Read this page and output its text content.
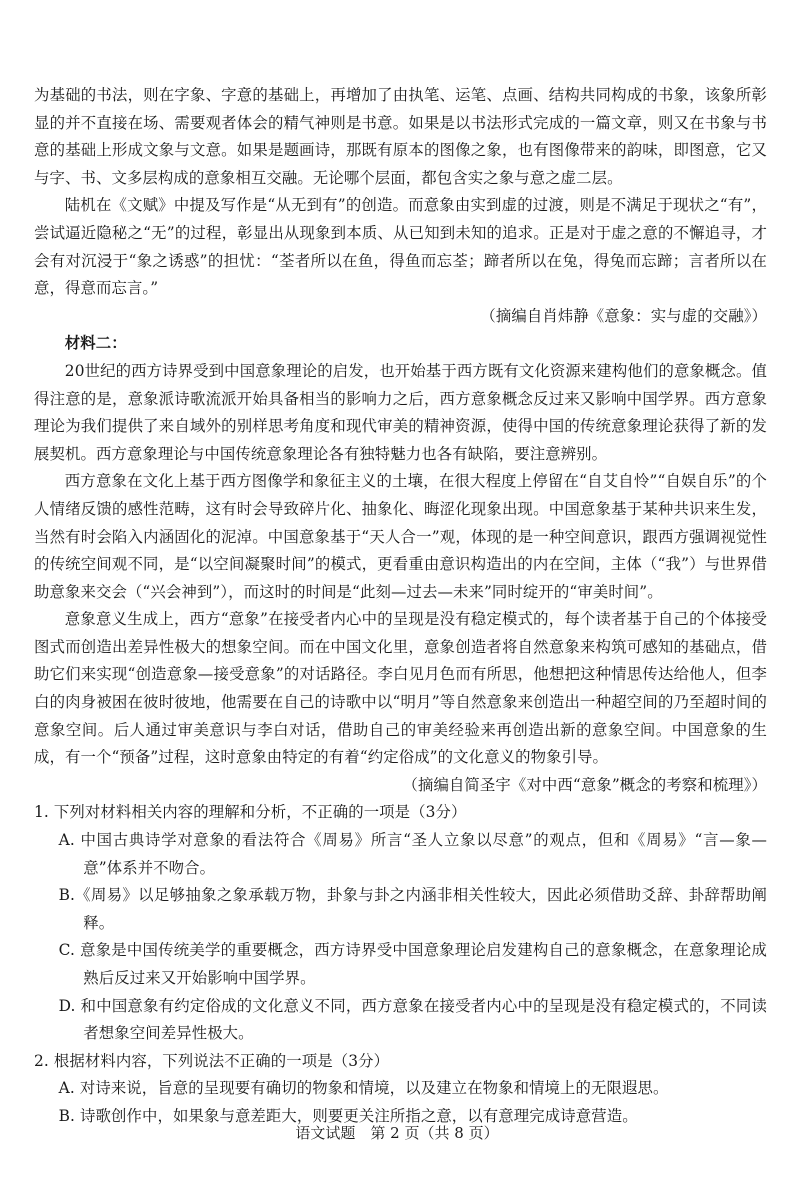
为基础的书法，则在字象、字意的基础上，再增加了由执笔、运笔、点画、结构共同构成的书象，该象所彰显的并不直接在场、需要观者体会的精气神则是书意。如果是以书法形式完成的一篇文章，则又在书象与书意的基础上形成文象与文意。如果是题画诗，那既有原本的图像之象，也有图像带来的韵味，即图意，它又与字、书、文多层构成的意象相互交融。无论哪个层面，都包含实之象与意之虚二层。

陆机在《文赋》中提及写作是“从无到有”的创造。而意象由实到虚的过渡，则是不满足于现状之“有”，尝试逼近隐秘之“无”的过程，彰显出从现象到本质、从已知到未知的追求。正是对于虚之意的不懈追寻，才会有对沉浸于“象之诱惑”的担忧：“荃者所以在鱼，得鱼而忘荃；蹄者所以在兔，得兔而忘蹄；言者所以在意，得意而忘言。”

（摘编自肖炜静《意象：实与虚的交融》）

材料二：

20世纪的西方诗界受到中国意象理论的启发，也开始基于西方既有文化资源来建构他们的意象概念。值得注意的是，意象派诗歌流派开始具备相当的影响力之后，西方意象概念反过来又影响中国学界。西方意象理论为我们提供了来自域外的别样思考角度和现代审美的精神资源，使得中国的传统意象理论获得了新的发展契机。西方意象理论与中国传统意象理论各有独特魅力也各有缺陷，要注意辨别。

西方意象在文化上基于西方图像学和象征主义的土壤，在很大程度上停留在“自艾自怜”“自娱自乐”的个人情绪反馈的感性范畴，这有时会导致碎片化、抽象化、晦涩化现象出现。中国意象基于某种共识来生发，当然有时会陷入内涵固化的泥淖。中国意象基于“天人合一”观，体现的是一种空间意识，跟西方强调视觉性的传统空间观不同，是“以空间凝聚时间”的模式，更看重由意识构造出的内在空间，主体（“我”）与世界借助意象来交会（“兴会神到”），而这时的时间是“此刻—过去—未来”同时绽开的“审美时间”。

意象意义生成上，西方“意象”在接受者内心中的呈现是没有稳定模式的，每个读者基于自己的个体接受图式而创造出差异性极大的想象空间。而在中国文化里，意象创造者将自然意象来构筑可感知的基础点，借助它们来实现“创造意象—接受意象”的对话路径。李白见月色而有所思，他想把这种情思传达给他人，但李白的肉身被困在彼时彼地，他需要在自己的诗歌中以“明月”等自然意象来创造出一种超空间的乃至超时间的意象空间。后人通过审美意识与李白对话，借助自己的审美经验来再创造出新的意象空间。中国意象的生成，有一个“预备”过程，这时意象由特定的有着“约定俗成”的文化意义的物象引导。

（摘编自简圣宇《对中西“意象”概念的考察和梳理》）

1. 下列对材料相关内容的理解和分析，不正确的一项是（3分）

A. 中国古典诗学对意象的看法符合《周易》所言“圣人立象以尽意”的观点，但和《周易》“言—象—意”体系并不吻合。

B.《周易》以足够抽象之象承载万物，卦象与卦之内涵非相关性较大，因此必须借助爻辞、卦辞帮助阐释。

C. 意象是中国传统美学的重要概念，西方诗界受中国意象理论启发建构自己的意象概念，在意象理论成熟后反过来又开始影响中国学界。

D. 和中国意象有约定俗成的文化意义不同，西方意象在接受者内心中的呈现是没有稳定模式的，不同读者想象空间差异性极大。

2. 根据材料内容，下列说法不正确的一项是（3分）

A. 对诗来说，旨意的呈现要有确切的物象和情境，以及建立在物象和情境上的无限遐思。

B. 诗歌创作中，如果象与意差距大，则要更关注所指之意，以有意理完成诗意营造。

语文试题　第 2 页（共 8 页）
